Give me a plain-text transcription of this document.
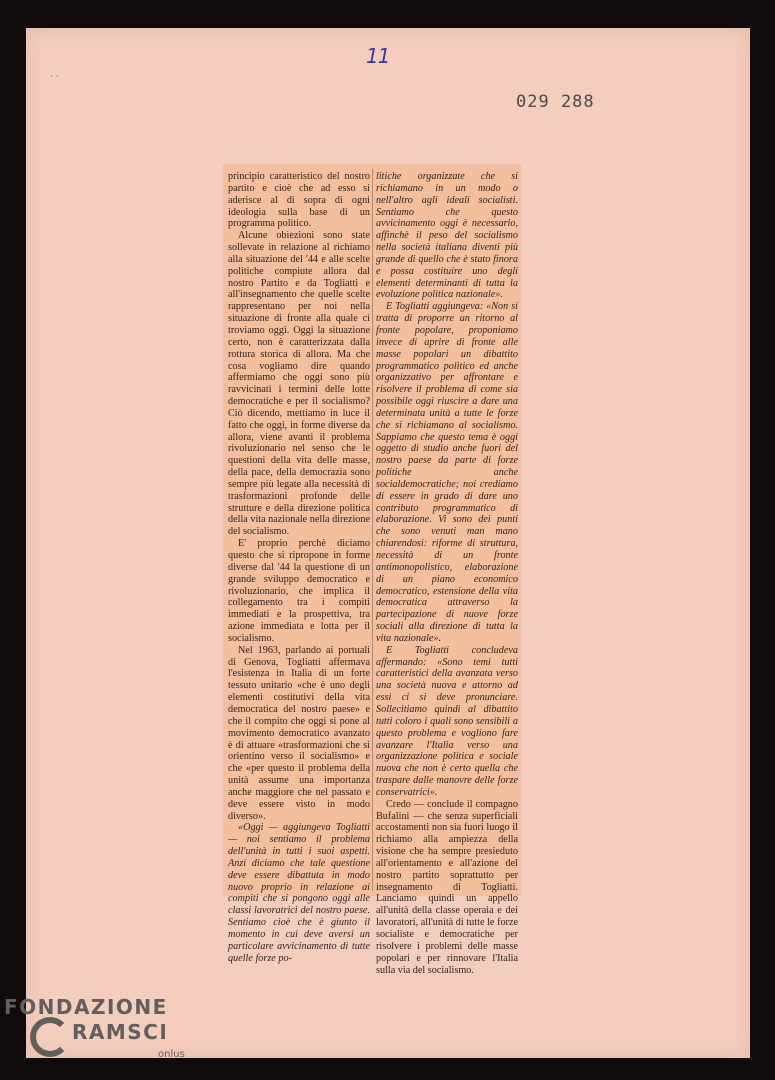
· ·
11
029 288

principio caratteristico del nostro partito e cioè che ad esso si aderisce al di sopra di ogni ideologia sulla base di un programma politico.

Alcune obiezioni sono state sollevate in relazione al richiamo alla situazione del '44 e alle scelte politiche compiute allora dal nostro Partito e da Togliatti e all'insegnamento che quelle scelte rappresentano per noi nella situazione di fronte alla quale ci troviamo oggi. Oggi la situazione certo, non è caratterizzata dalla rottura storica di allora. Ma che cosa vogliamo dire quando affermiamo che oggi sono più ravvicinati i termini delle lotte democratiche e per il socialismo? Ciò dicendo, mettiamo in luce il fatto che oggi, in forme diverse da allora, viene avanti il problema rivoluzionario nel senso che le questioni della vita delle masse, della pace, della democrazia sono sempre più legate alla necessità di trasformazioni profonde delle strutture e della direzione politica della vita nazionale nella direzione del socialismo.

E' proprio perchè diciamo questo che si ripropone in forme diverse dal '44 la questione di un grande sviluppo democratico e rivoluzionario, che implica il collegamento tra i compiti immediati e la prospettiva, tra azione immediata e lotta per il socialismo.

Nel 1963, parlando ai portuali di Genova, Togliatti affermava l'esistenza in Italia di un forte tessuto unitario «che è uno degli elementi costitutivi della vita democratica del nostro paese» e che il compito che oggi si pone al movimento democratico avanzato è di attuare «trasformazioni che si orientino verso il socialismo» e che «per questo il problema della unità assume una importanza anche maggiore che nel passato e deve essere visto in modo diverso».

«Oggi — aggiungeva Togliatti — noi sentiamo il problema dell'unità in tutti i suoi aspetti. Anzi diciamo che tale questione deve essere dibattuta in modo nuovo proprio in relazione ai compiti che si pongono oggi alle classi lavoratrici del nostro paese. Sentiamo cioè che è giunto il momento in cui deve aversi un particolare avvicinamento di tutte quelle forze po-

litiche organizzate che si richiamano in un modo o nell'altro agli ideali socialisti. Sentiamo che questo avvicinamento oggi è necessario, affinchè il peso del socialismo nella società italiana diventi più grande di quello che è stato finora e possa costituire uno degli elementi determinanti di tutta la evoluzione politica nazionale».

E Togliatti aggiungeva: «Non si tratta di proporre un ritorno al fronte popolare, proponiamo invece di aprire di fronte alle masse popolari un dibattito programmatico politico ed anche organizzativo per affrontare e risolvere il problema di come sia possibile oggi riuscire a dare una determinata unità a tutte le forze che si richiamano al socialismo. Sappiamo che questo tema è oggi oggetto di studio anche fuori del nostro paese da parte di forze politiche anche socialdemocratiche; noi crediamo di essere in grado di dare uno contributo programmatico di elaborazione. Vi sono dei punti che sono venuti man mano chiarendosi: riforme di struttura, necessità di un fronte antimonopolistico, elaborazione di un piano economico democratico, estensione della vita democratica attraverso la partecipazione di nuove forze sociali alla direzione di tutta la vita nazionale».

E Togliatti concludeva affermando: «Sono temi tutti caratteristici della avanzata verso una società nuova e attorno ad essi ci si deve pronunciare. Sollecitiamo quindi al dibattito tutti coloro i quali sono sensibili a questo problema e vogliono fare avanzare l'Italia verso una organizzazione politica e sociale nuova che non è certo quella che traspare dalle manovre delle forze conservatrici».

Credo — conclude il compagno Bufalini — che senza superficiali accostamenti non sia fuori luogo il richiamo alla ampiezza della visione che ha sempre presieduto all'orientamento e all'azione del nostro partito soprattutto per insegnamento di Togliatti. Lanciamo quindi un appello all'unità della classe operaia e dei lavoratori, all'unità di tutte le forze socialiste e democratiche per risolvere i problemi delle masse popolari e per rinnovare l'Italia sulla via del socialismo.

FONDAZIONE
RAMSCI
onlus
